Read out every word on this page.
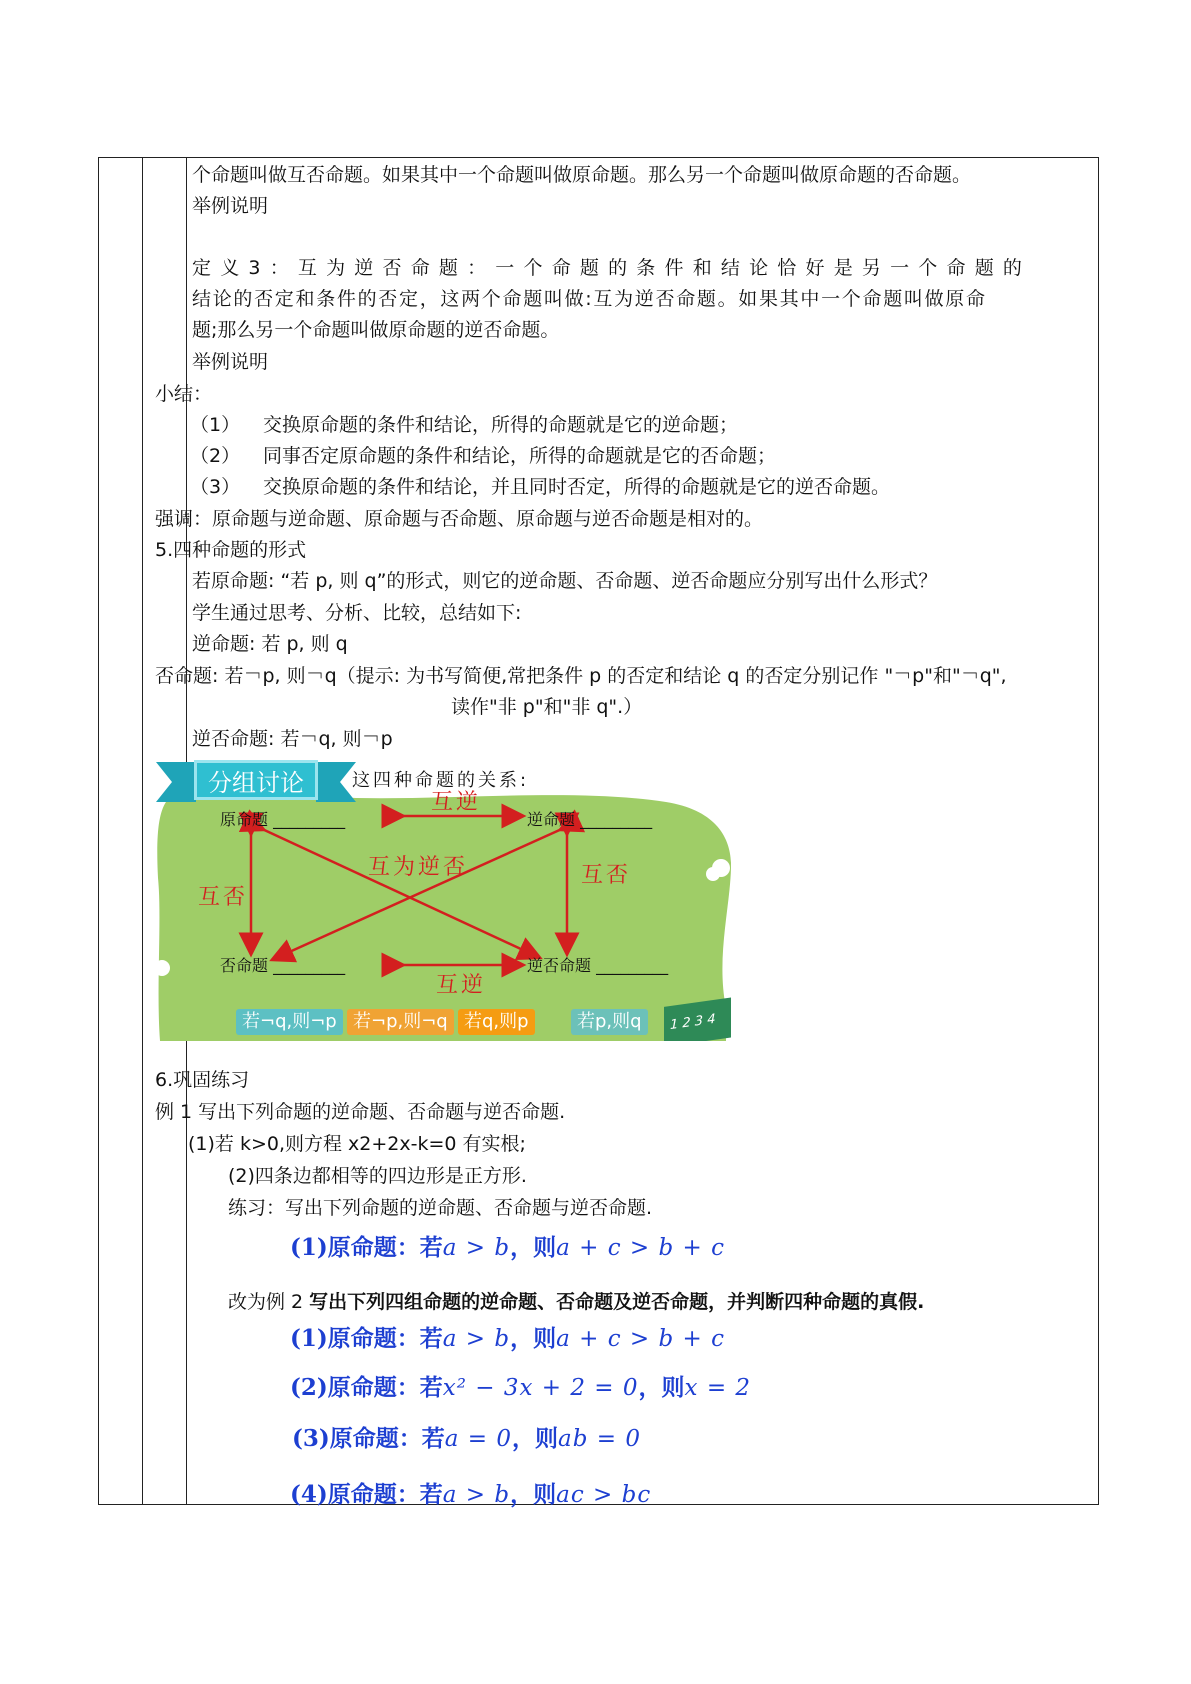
个命题叫做互否命题。如果其中一个命题叫做原命题。那么另一个命题叫做原命题的否命题。
举例说明
定义3：互为逆否命题：一个命题的条件和结论恰好是另一个命题的
结论的否定和条件的否定，这两个命题叫做:互为逆否命题。如果其中一个命题叫做原命
题;那么另一个命题叫做原命题的逆否命题。
举例说明
小结：
（1） 交换原命题的条件和结论，所得的命题就是它的逆命题；
（2） 同事否定原命题的条件和结论，所得的命题就是它的否命题；
（3） 交换原命题的条件和结论，并且同时否定，所得的命题就是它的逆否命题。
强调：原命题与逆命题、原命题与否命题、原命题与逆否命题是相对的。
5.四种命题的形式
若原命题: “若 p, 则 q”的形式，则它的逆命题、否命题、逆否命题应分别写出什么形式？
学生通过思考、分析、比较，总结如下:
逆命题: 若 p, 则 q
否命题: 若￢p, 则￢q（提示: 为书写简便,常把条件 p 的否定和结论 q 的否定分别记作 "￢p"和"￢q",
读作"非 p"和"非 q".）
逆否命题: 若￢q, 则￢p
分组讨论	这四种命题的关系:
原命题 _________	逆命题 _________
否命题 _________	逆否命题 _________
互逆
互逆
互否
互否
互为逆否
若¬q,则¬p 若¬p,则¬q 若q,则p	若p,则q	1 2 3 4
6.巩固练习
例 1 写出下列命题的逆命题、否命题与逆否命题.
(1)若 k>0,则方程 x2+2x-k=0 有实根;
(2)四条边都相等的四边形是正方形.
练习：写出下列命题的逆命题、否命题与逆否命题.
(1)原命题：若a > b，则a + c > b + c
改为例 2 写出下列四组命题的逆命题、否命题及逆否命题，并判断四种命题的真假.
(1)原命题：若a > b，则a + c > b + c
(2)原命题：若x² − 3x + 2 = 0，则x = 2
(3)原命题：若a = 0，则ab = 0
(4)原命题：若a > b，则ac > bc
